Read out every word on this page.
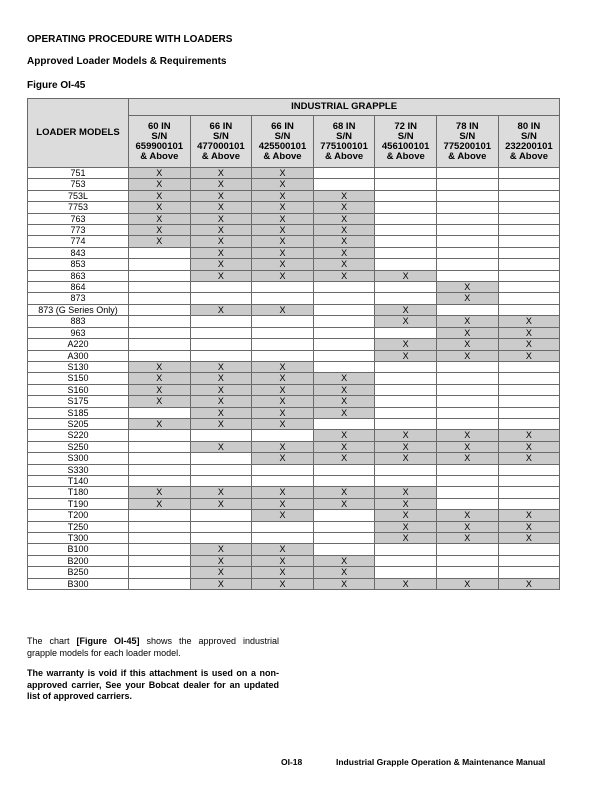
OPERATING PROCEDURE WITH LOADERS
Approved Loader Models & Requirements
Figure OI-45
LOADER MODELS	INDUSTRIAL GRAPPLE						
	60 IN
S/N
659900101
& Above	66 IN
S/N
477000101
& Above	66 IN
S/N
425500101
& Above	68 IN
S/N
775100101
& Above	72 IN
S/N
456100101
& Above	78 IN
S/N
775200101
& Above	80 IN
S/N
232200101
& Above
751	X	X	X				
753	X	X	X				
753L	X	X	X	X			
7753	X	X	X	X			
763	X	X	X	X			
773	X	X	X	X			
774	X	X	X	X			
843		X	X	X			
853		X	X	X			
863		X	X	X	X		
864						X	
873						X	
873 (G Series Only)		X	X		X		
883					X	X	X
963						X	X
A220					X	X	X
A300					X	X	X
S130	X	X	X				
S150	X	X	X	X			
S160	X	X	X	X			
S175	X	X	X	X			
S185		X	X	X			
S205	X	X	X				
S220				X	X	X	X
S250		X	X	X	X	X	X
S300			X	X	X	X	X
S330							
T140							
T180	X	X	X	X	X		
T190	X	X	X	X	X		
T200			X		X	X	X
T250					X	X	X
T300					X	X	X
B100		X	X				
B200		X	X	X			
B250		X	X	X			
B300		X	X	X	X	X	X
The chart [Figure OI-45] shows the approved industrial grapple models for each loader model.
The warranty is void if this attachment is used on a non-approved carrier, See your Bobcat dealer for an updated list of approved carriers.
OI-18	Industrial Grapple Operation & Maintenance Manual
